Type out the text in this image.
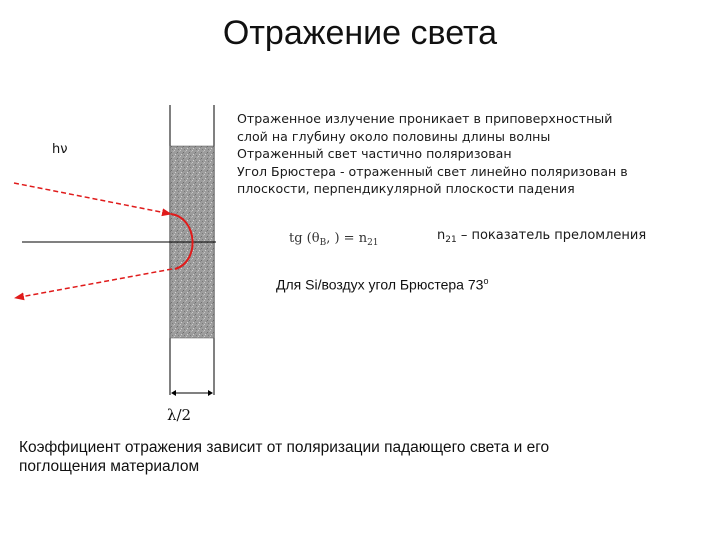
Отражение света
Отраженное излучение проникает в приповерхностный
слой на глубину около половины длины волны
Отраженный свет частично поляризован
Угол Брюстера - отраженный свет линейно поляризован в
плоскости, перпендикулярной плоскости падения
tg ($\theta_B$, ) = $n_{21}$	$n_{21}$ – показатель преломления
Для Si/воздух угол Брюстера 73$^o$
hν
λ/2
Коэффициент отражения зависит от поляризации падающего света и его
поглощения материалом
